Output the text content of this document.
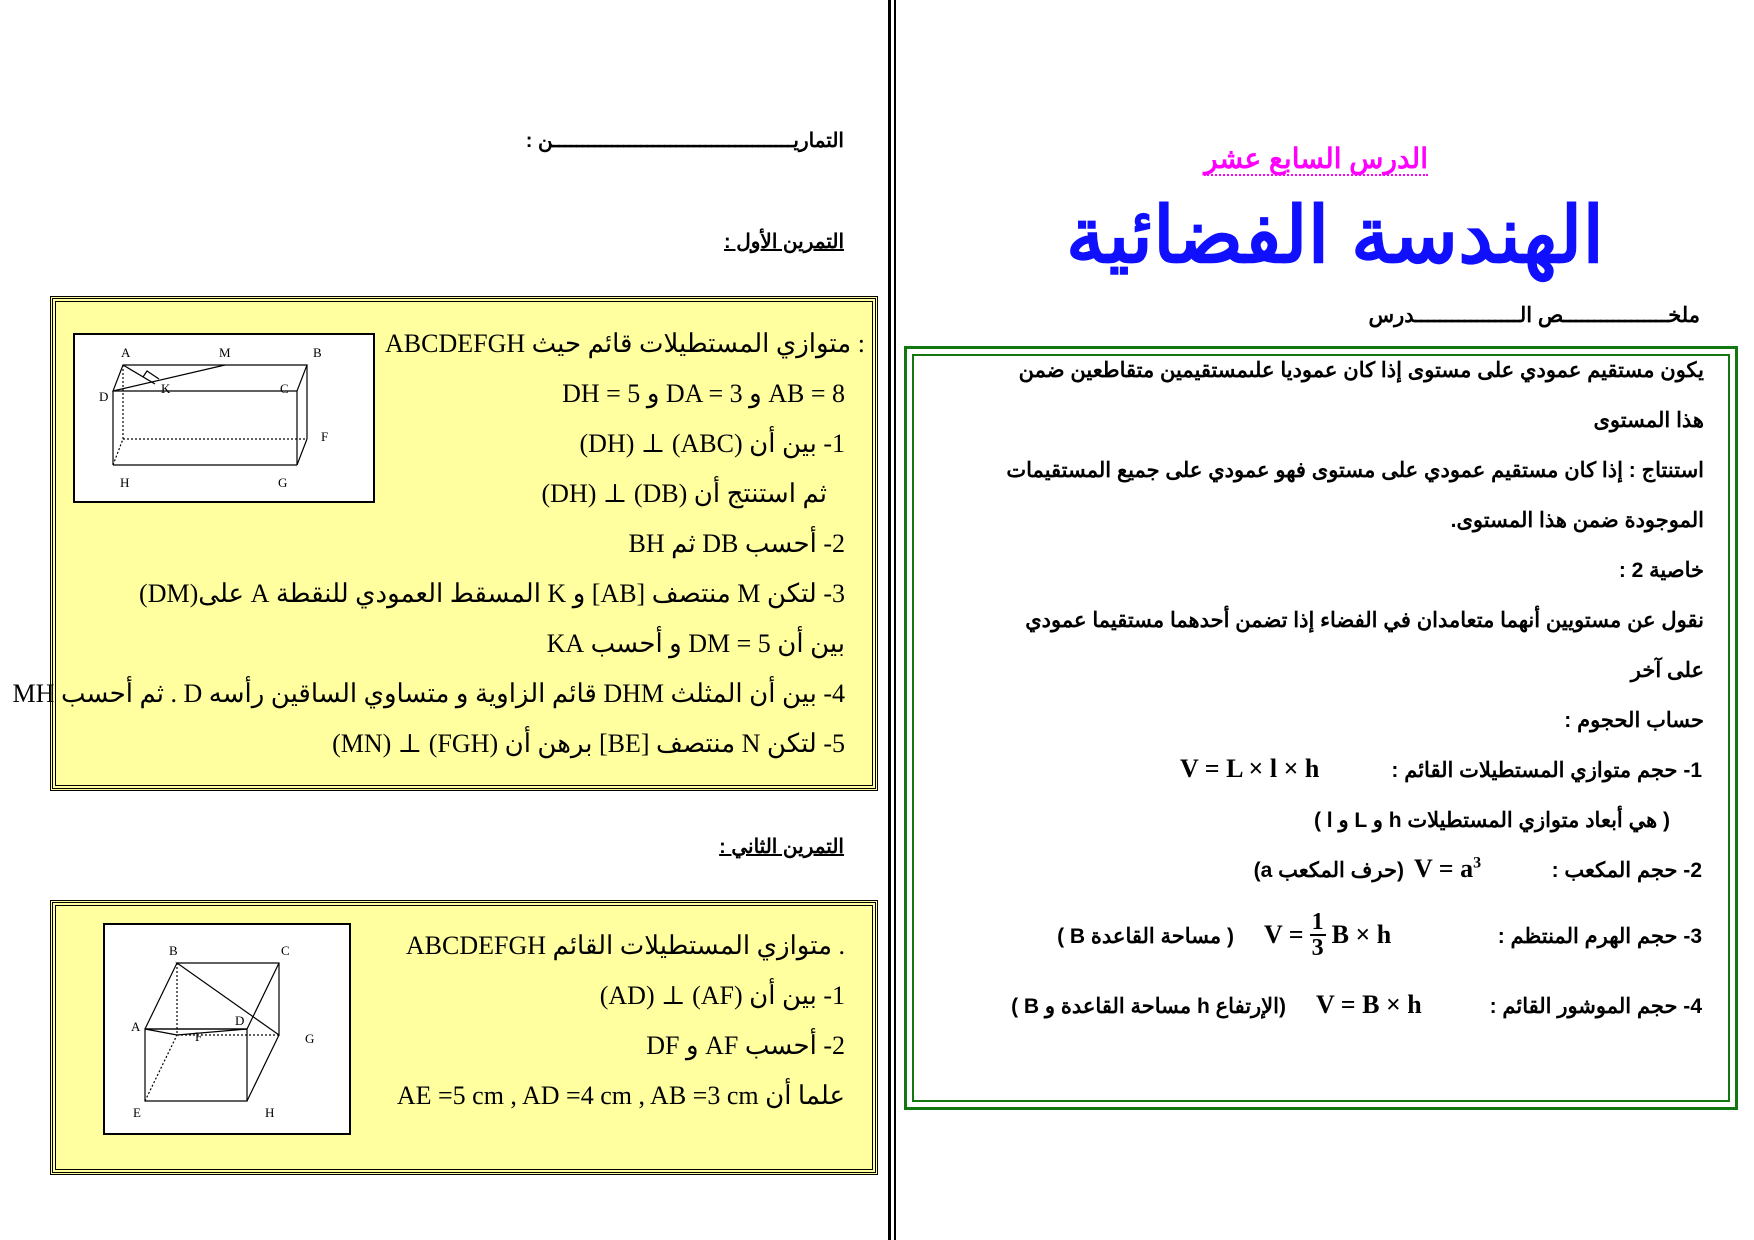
التماريـــــــــــــــــــــــــــــــــــــــــن :
التمرين الأول :
A	M	B
D
K	C
F
H	G
ABCDEFGH متوازي المستطيلات قائم حيث :
DH = 5 و DA = 3 و AB = 8
1- بين أن (ABC) ⊥ (DH)
ثم استنتج أن (DB) ⊥ (DH)
2- أحسب DB ثم BH
3- لتكن M منتصف [AB] و K المسقط العمودي للنقطة A على(DM)
بين أن DM = 5 و أحسب KA
4- بين أن المثلث DHM قائم الزاوية و متساوي الساقين رأسه D . ثم أحسب MH
5- لتكن N منتصف [BE] برهن أن (FGH) ⊥ (MN)
التمرين الثاني :
B	C
A
F
D
G
E	H
ABCDEFGH متوازي المستطيلات القائم .
1- بين أن (AF) ⊥ (AD)
2- أحسب AF و DF
علما أن AE =5 cm , AD =4 cm , AB =3 cm
الدرس السابع عشر
الهندسة الفضائية
ملخـــــــــــــــــص الـــــــــــــــــدرس
يكون مستقيم عمودي على مستوى إذا كان عموديا علىمستقيمين متقاطعين ضمن
هذا المستوى
استنتاج : إذا كان مستقيم عمودي على مستوى فهو عمودي على جميع المستقيمات
الموجودة ضمن هذا المستوى.
خاصية 2 :
نقول عن مستويين أنهما متعامدان في الفضاء إذا تضمن أحدهما مستقيما عمودي
على آخر
حساب الحجوم :
1- حجم متوازي المستطيلات القائم :
V = L × l × h
( l و L و h هي أبعاد متوازي المستطيلات )
2- حجم المكعب :
$V = a^3$
(a حرف المكعب)
3- حجم الهرم المنتظم :
$V = \frac{1}{3}$ B × h
( B مساحة القاعدة )
4- حجم الموشور القائم :
V = B × h
( B مساحة القاعدة و h الإرتفاع)
